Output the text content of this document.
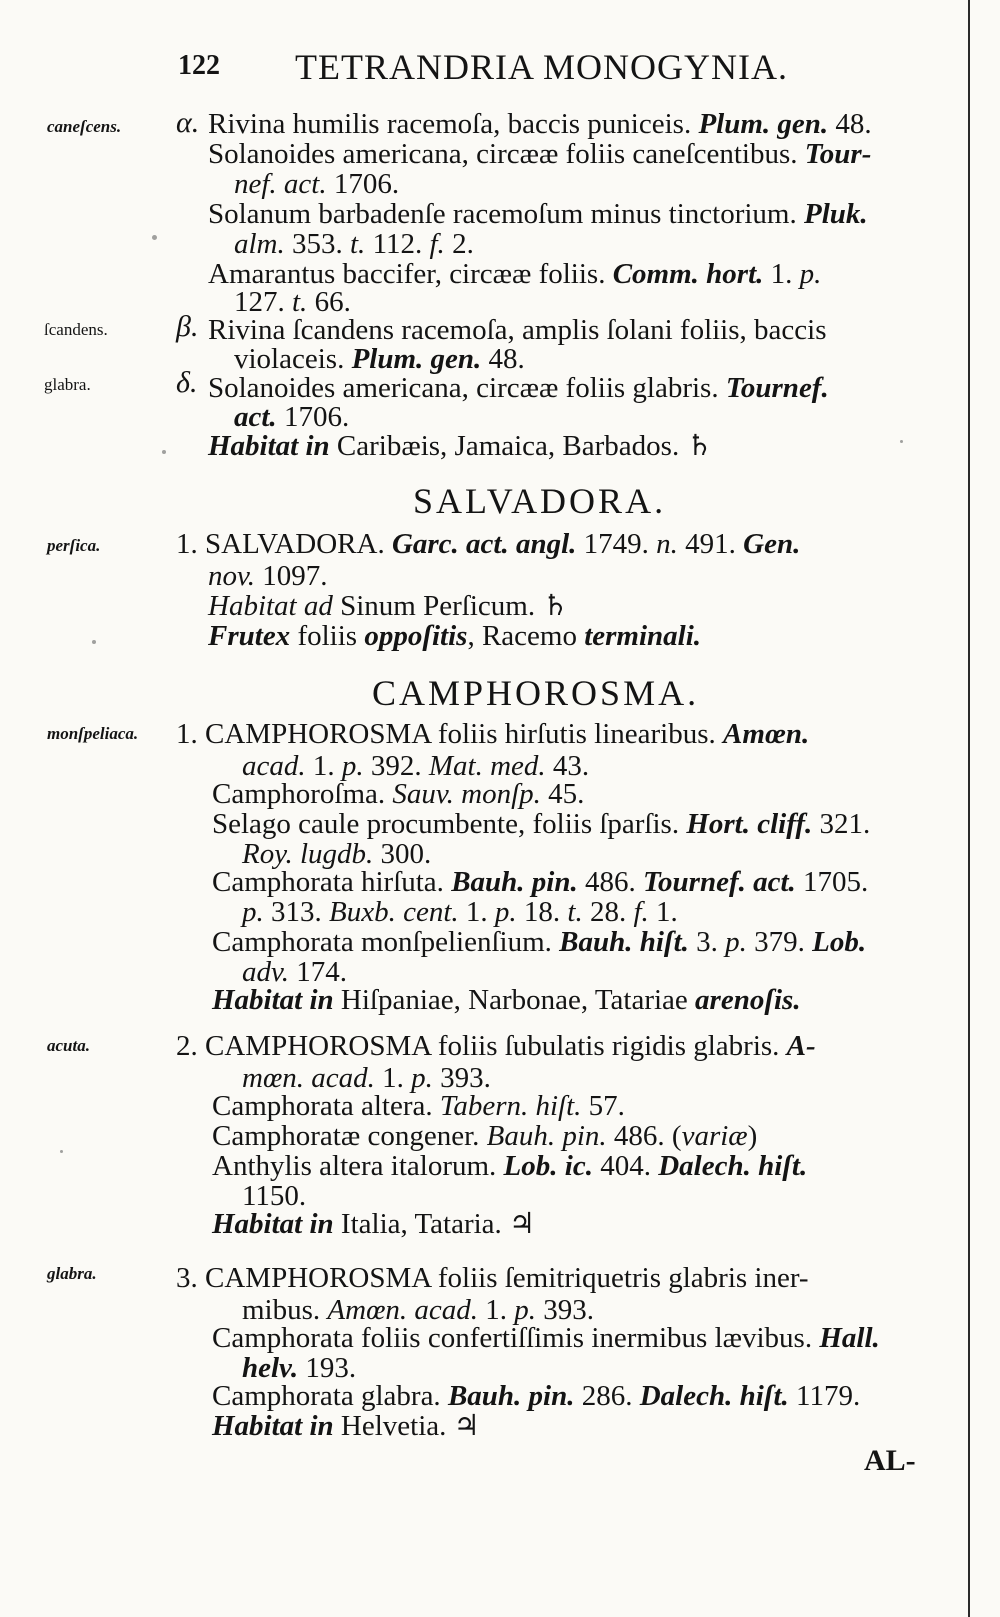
122 TETRANDRIA MONOGYNIA.
caneſcens.
ſcandens.
glabra.
perſica.
monſpeliaca.
acuta.
glabra.
α.
β.
δ.
Rivina humilis racemoſa, baccis puniceis. Plum. gen. 48.
Solanoides americana, circææ foliis caneſcentibus. Tour-
nef. act. 1706.
Solanum barbadenſe racemoſum minus tinctorium. Pluk.
alm. 353. t. 112. f. 2.
Amarantus baccifer, circææ foliis. Comm. hort. 1. p.
127. t. 66.
Rivina ſcandens racemoſa, amplis ſolani foliis, baccis
violaceis. Plum. gen. 48.
Solanoides americana, circææ foliis glabris. Tournef.
act. 1706.
Habitat in Caribæis, Jamaica, Barbados. ♄
SALVADORA.
1. SALVADORA. Garc. act. angl. 1749. n. 491. Gen.
nov. 1097.
Habitat ad Sinum Perſicum. ♄
Frutex foliis oppoſitis, Racemo terminali.
CAMPHOROSMA.
1. CAMPHOROSMA foliis hirſutis linearibus. Amœn.
acad. 1. p. 392. Mat. med. 43.
Camphoroſma. Sauv. monſp. 45.
Selago caule procumbente, foliis ſparſis. Hort. cliff. 321.
Roy. lugdb. 300.
Camphorata hirſuta. Bauh. pin. 486. Tournef. act. 1705.
p. 313. Buxb. cent. 1. p. 18. t. 28. f. 1.
Camphorata monſpelienſium. Bauh. hiſt. 3. p. 379. Lob.
adv. 174.
Habitat in Hiſpaniae, Narbonae, Tatariae arenoſis.
2. CAMPHOROSMA foliis ſubulatis rigidis glabris. A-
mœn. acad. 1. p. 393.
Camphorata altera. Tabern. hiſt. 57.
Camphoratæ congener. Bauh. pin. 486. (variæ)
Anthylis altera italorum. Lob. ic. 404. Dalech. hiſt.
1150.
Habitat in Italia, Tataria. ♃
3. CAMPHOROSMA foliis ſemitriquetris glabris iner-
mibus. Amœn. acad. 1. p. 393.
Camphorata foliis confertiſſimis inermibus lævibus. Hall.
helv. 193.
Camphorata glabra. Bauh. pin. 286. Dalech. hiſt. 1179.
Habitat in Helvetia. ♃
AL-
